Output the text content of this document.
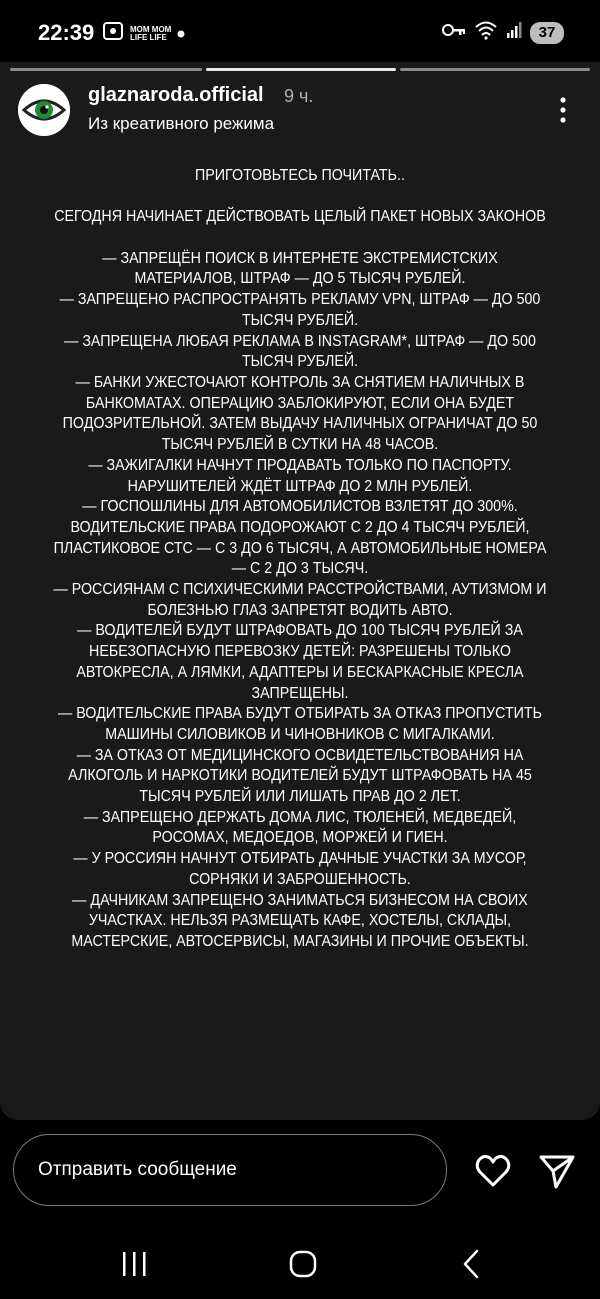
22:39	MOM MOM
LIFE LIFE	37
glaznaroda.official 9 ч.
Из креативного режима

ПРИГОТОВЬТЕСЬ ПОЧИТАТЬ..

СЕГОДНЯ НАЧИНАЕТ ДЕЙСТВОВАТЬ ЦЕЛЫЙ ПАКЕТ НОВЫХ ЗАКОНОВ

— ЗАПРЕЩЁН ПОИСК В ИНТЕРНЕТЕ ЭКСТРЕМИСТСКИХ МАТЕРИАЛОВ, ШТРАФ — ДО 5 ТЫСЯЧ РУБЛЕЙ.

— ЗАПРЕЩЕНО РАСПРОСТРАНЯТЬ РЕКЛАМУ VPN, ШТРАФ — ДО 500 ТЫСЯЧ РУБЛЕЙ.

— ЗАПРЕЩЕНА ЛЮБАЯ РЕКЛАМА В INSTAGRAM*, ШТРАФ — ДО 500 ТЫСЯЧ РУБЛЕЙ.

— БАНКИ УЖЕСТОЧАЮТ КОНТРОЛЬ ЗА СНЯТИЕМ НАЛИЧНЫХ В БАНКОМАТАХ. ОПЕРАЦИЮ ЗАБЛОКИРУЮТ, ЕСЛИ ОНА БУДЕТ ПОДОЗРИТЕЛЬНОЙ. ЗАТЕМ ВЫДАЧУ НАЛИЧНЫХ ОГРАНИЧАТ ДО 50 ТЫСЯЧ РУБЛЕЙ В СУТКИ НА 48 ЧАСОВ.

— ЗАЖИГАЛКИ НАЧНУТ ПРОДАВАТЬ ТОЛЬКО ПО ПАСПОРТУ. НАРУШИТЕЛЕЙ ЖДЁТ ШТРАФ ДО 2 МЛН РУБЛЕЙ.

— ГОСПОШЛИНЫ ДЛЯ АВТОМОБИЛИСТОВ ВЗЛЕТЯТ ДО 300%. ВОДИТЕЛЬСКИЕ ПРАВА ПОДОРОЖАЮТ С 2 ДО 4 ТЫСЯЧ РУБЛЕЙ, ПЛАСТИКОВОЕ СТС — С 3 ДО 6 ТЫСЯЧ, А АВТОМОБИЛЬНЫЕ НОМЕРА — С 2 ДО 3 ТЫСЯЧ.

— РОССИЯНАМ С ПСИХИЧЕСКИМИ РАССТРОЙСТВАМИ, АУТИЗМОМ И БОЛЕЗНЬЮ ГЛАЗ ЗАПРЕТЯТ ВОДИТЬ АВТО.

— ВОДИТЕЛЕЙ БУДУТ ШТРАФОВАТЬ ДО 100 ТЫСЯЧ РУБЛЕЙ ЗА НЕБЕЗОПАСНУЮ ПЕРЕВОЗКУ ДЕТЕЙ: РАЗРЕШЕНЫ ТОЛЬКО АВТОКРЕСЛА, А ЛЯМКИ, АДАПТЕРЫ И БЕСКАРКАСНЫЕ КРЕСЛА ЗАПРЕЩЕНЫ.

— ВОДИТЕЛЬСКИЕ ПРАВА БУДУТ ОТБИРАТЬ ЗА ОТКАЗ ПРОПУСТИТЬ МАШИНЫ СИЛОВИКОВ И ЧИНОВНИКОВ С МИГАЛКАМИ.

— ЗА ОТКАЗ ОТ МЕДИЦИНСКОГО ОСВИДЕТЕЛЬСТВОВАНИЯ НА АЛКОГОЛЬ И НАРКОТИКИ ВОДИТЕЛЕЙ БУДУТ ШТРАФОВАТЬ НА 45 ТЫСЯЧ РУБЛЕЙ ИЛИ ЛИШАТЬ ПРАВ ДО 2 ЛЕТ.

— ЗАПРЕЩЕНО ДЕРЖАТЬ ДОМА ЛИС, ТЮЛЕНЕЙ, МЕДВЕДЕЙ, РОСОМАХ, МЕДОЕДОВ, МОРЖЕЙ И ГИЕН.

— У РОССИЯН НАЧНУТ ОТБИРАТЬ ДАЧНЫЕ УЧАСТКИ ЗА МУСОР, СОРНЯКИ И ЗАБРОШЕННОСТЬ.

— ДАЧНИКАМ ЗАПРЕЩЕНО ЗАНИМАТЬСЯ БИЗНЕСОМ НА СВОИХ УЧАСТКАХ. НЕЛЬЗЯ РАЗМЕЩАТЬ КАФЕ, ХОСТЕЛЫ, СКЛАДЫ, МАСТЕРСКИЕ, АВТОСЕРВИСЫ, МАГАЗИНЫ И ПРОЧИЕ ОБЪЕКТЫ.

Отправить сообщение
